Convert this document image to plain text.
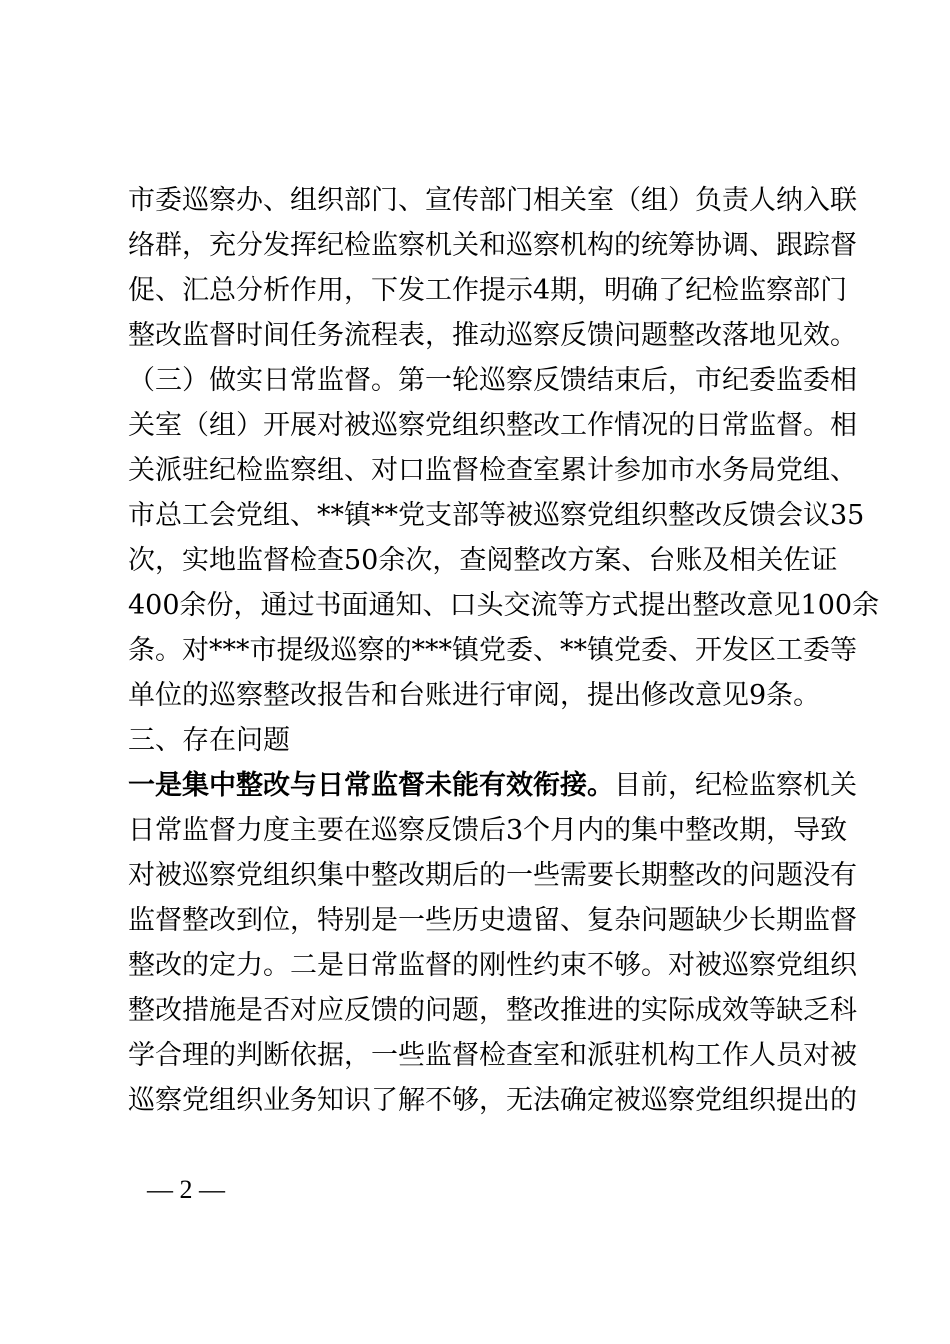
市委巡察办、组织部门、宣传部门相关室（组）负责人纳入联
络群，充分发挥纪检监察机关和巡察机构的统筹协调、跟踪督
促、汇总分析作用，下发工作提示4期，明确了纪检监察部门
整改监督时间任务流程表，推动巡察反馈问题整改落地见效。
（三）做实日常监督。第一轮巡察反馈结束后，市纪委监委相
关室（组）开展对被巡察党组织整改工作情况的日常监督。相
关派驻纪检监察组、对口监督检查室累计参加市水务局党组、
市总工会党组、**镇**党支部等被巡察党组织整改反馈会议35
次，实地监督检查50余次，查阅整改方案、台账及相关佐证
400余份，通过书面通知、口头交流等方式提出整改意见100余
条。对***市提级巡察的***镇党委、**镇党委、开发区工委等
单位的巡察整改报告和台账进行审阅，提出修改意见9条。
三、存在问题
一是集中整改与日常监督未能有效衔接。目前，纪检监察机关
日常监督力度主要在巡察反馈后3个月内的集中整改期，导致
对被巡察党组织集中整改期后的一些需要长期整改的问题没有
监督整改到位，特别是一些历史遗留、复杂问题缺少长期监督
整改的定力。二是日常监督的刚性约束不够。对被巡察党组织
整改措施是否对应反馈的问题，整改推进的实际成效等缺乏科
学合理的判断依据，一些监督检查室和派驻机构工作人员对被
巡察党组织业务知识了解不够，无法确定被巡察党组织提出的
— 2 —
